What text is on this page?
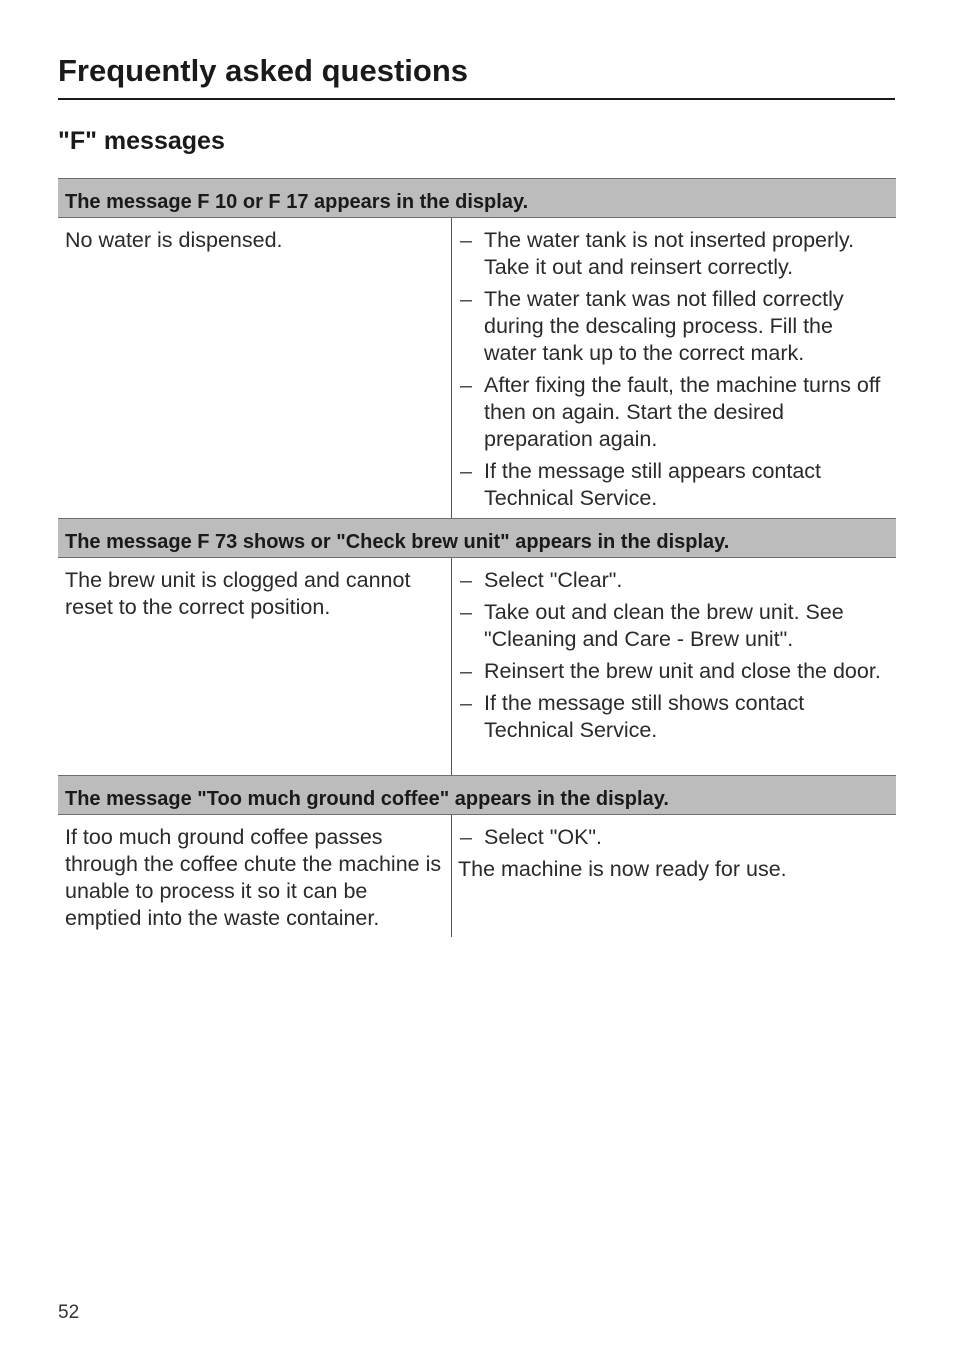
Frequently asked questions
"F" messages
The message F 10 or F 17 appears in the display.
No water is dispensed.	– The water tank is not inserted properly. Take it out and reinsert correctly.
– The water tank was not filled correctly during the descaling process. Fill the water tank up to the correct mark.
– After fixing the fault, the machine turns off then on again. Start the desired preparation again.
– If the message still appears contact Technical Service.
The message F 73 shows or "Check brew unit" appears in the display.
The brew unit is clogged and cannot reset to the correct position.
– Select "Clear".
– Take out and clean the brew unit. See "Cleaning and Care - Brew unit".
– Reinsert the brew unit and close the door.
– If the message still shows contact Technical Service.
The message "Too much ground coffee" appears in the display.
If too much ground coffee passes through the coffee chute the machine is unable to process it so it can be emptied into the waste container.
– Select "OK".

The machine is now ready for use.

52
